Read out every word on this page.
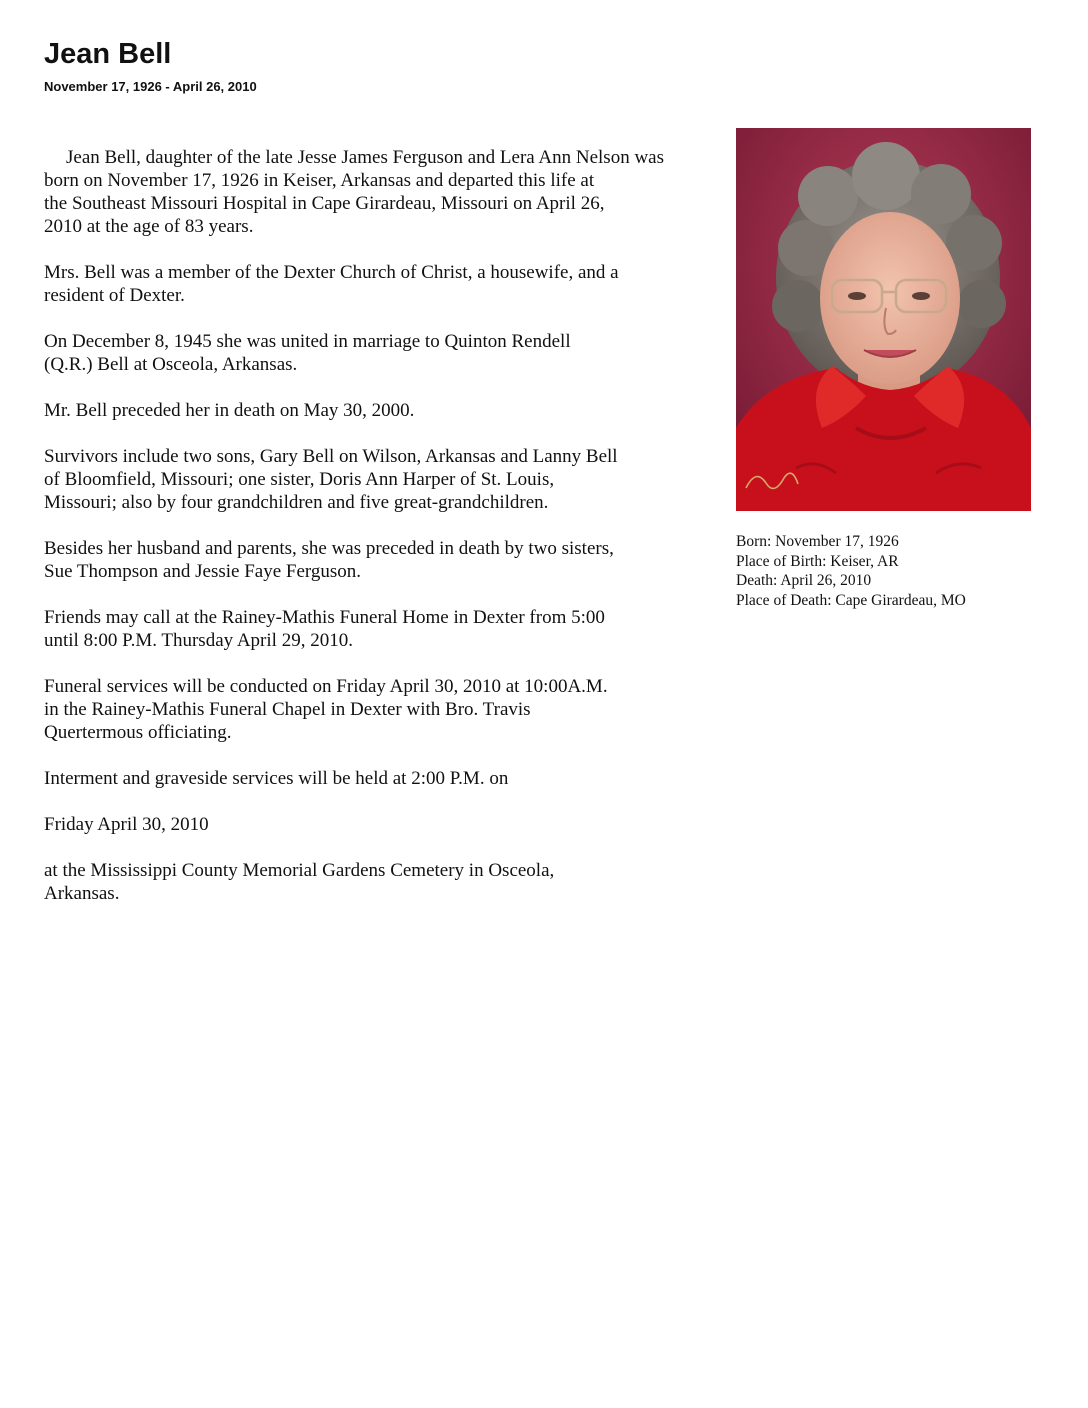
Jean Bell
November 17, 1926 - April 26, 2010

Jean Bell, daughter of the late Jesse James Ferguson and Lera Ann Nelson was
born on November 17, 1926 in Keiser, Arkansas and departed this life at
the Southeast Missouri Hospital in Cape Girardeau, Missouri on April 26,
2010 at the age of 83 years.

Mrs. Bell was a member of the Dexter Church of Christ, a housewife, and a
resident of Dexter.

On December 8, 1945 she was united in marriage to Quinton Rendell
(Q.R.) Bell at Osceola, Arkansas.

Mr. Bell preceded her in death on May 30, 2000.

Survivors include two sons, Gary Bell on Wilson, Arkansas and Lanny Bell
of Bloomfield, Missouri; one sister, Doris Ann Harper of St. Louis,
Missouri; also by four grandchildren and five great-grandchildren.

Besides her husband and parents, she was preceded in death by two sisters,
Sue Thompson and Jessie Faye Ferguson.

Friends may call at the Rainey-Mathis Funeral Home in Dexter from 5:00
until 8:00 P.M. Thursday April 29, 2010.

Funeral services will be conducted on Friday April 30, 2010 at 10:00A.M.
in the Rainey-Mathis Funeral Chapel in Dexter with Bro. Travis
Quertermous officiating.

Interment and graveside services will be held at 2:00 P.M. on

Friday April 30, 2010

at the Mississippi County Memorial Gardens Cemetery in Osceola,
Arkansas.

Born: November 17, 1926
Place of Birth: Keiser, AR
Death: April 26, 2010
Place of Death: Cape Girardeau, MO
